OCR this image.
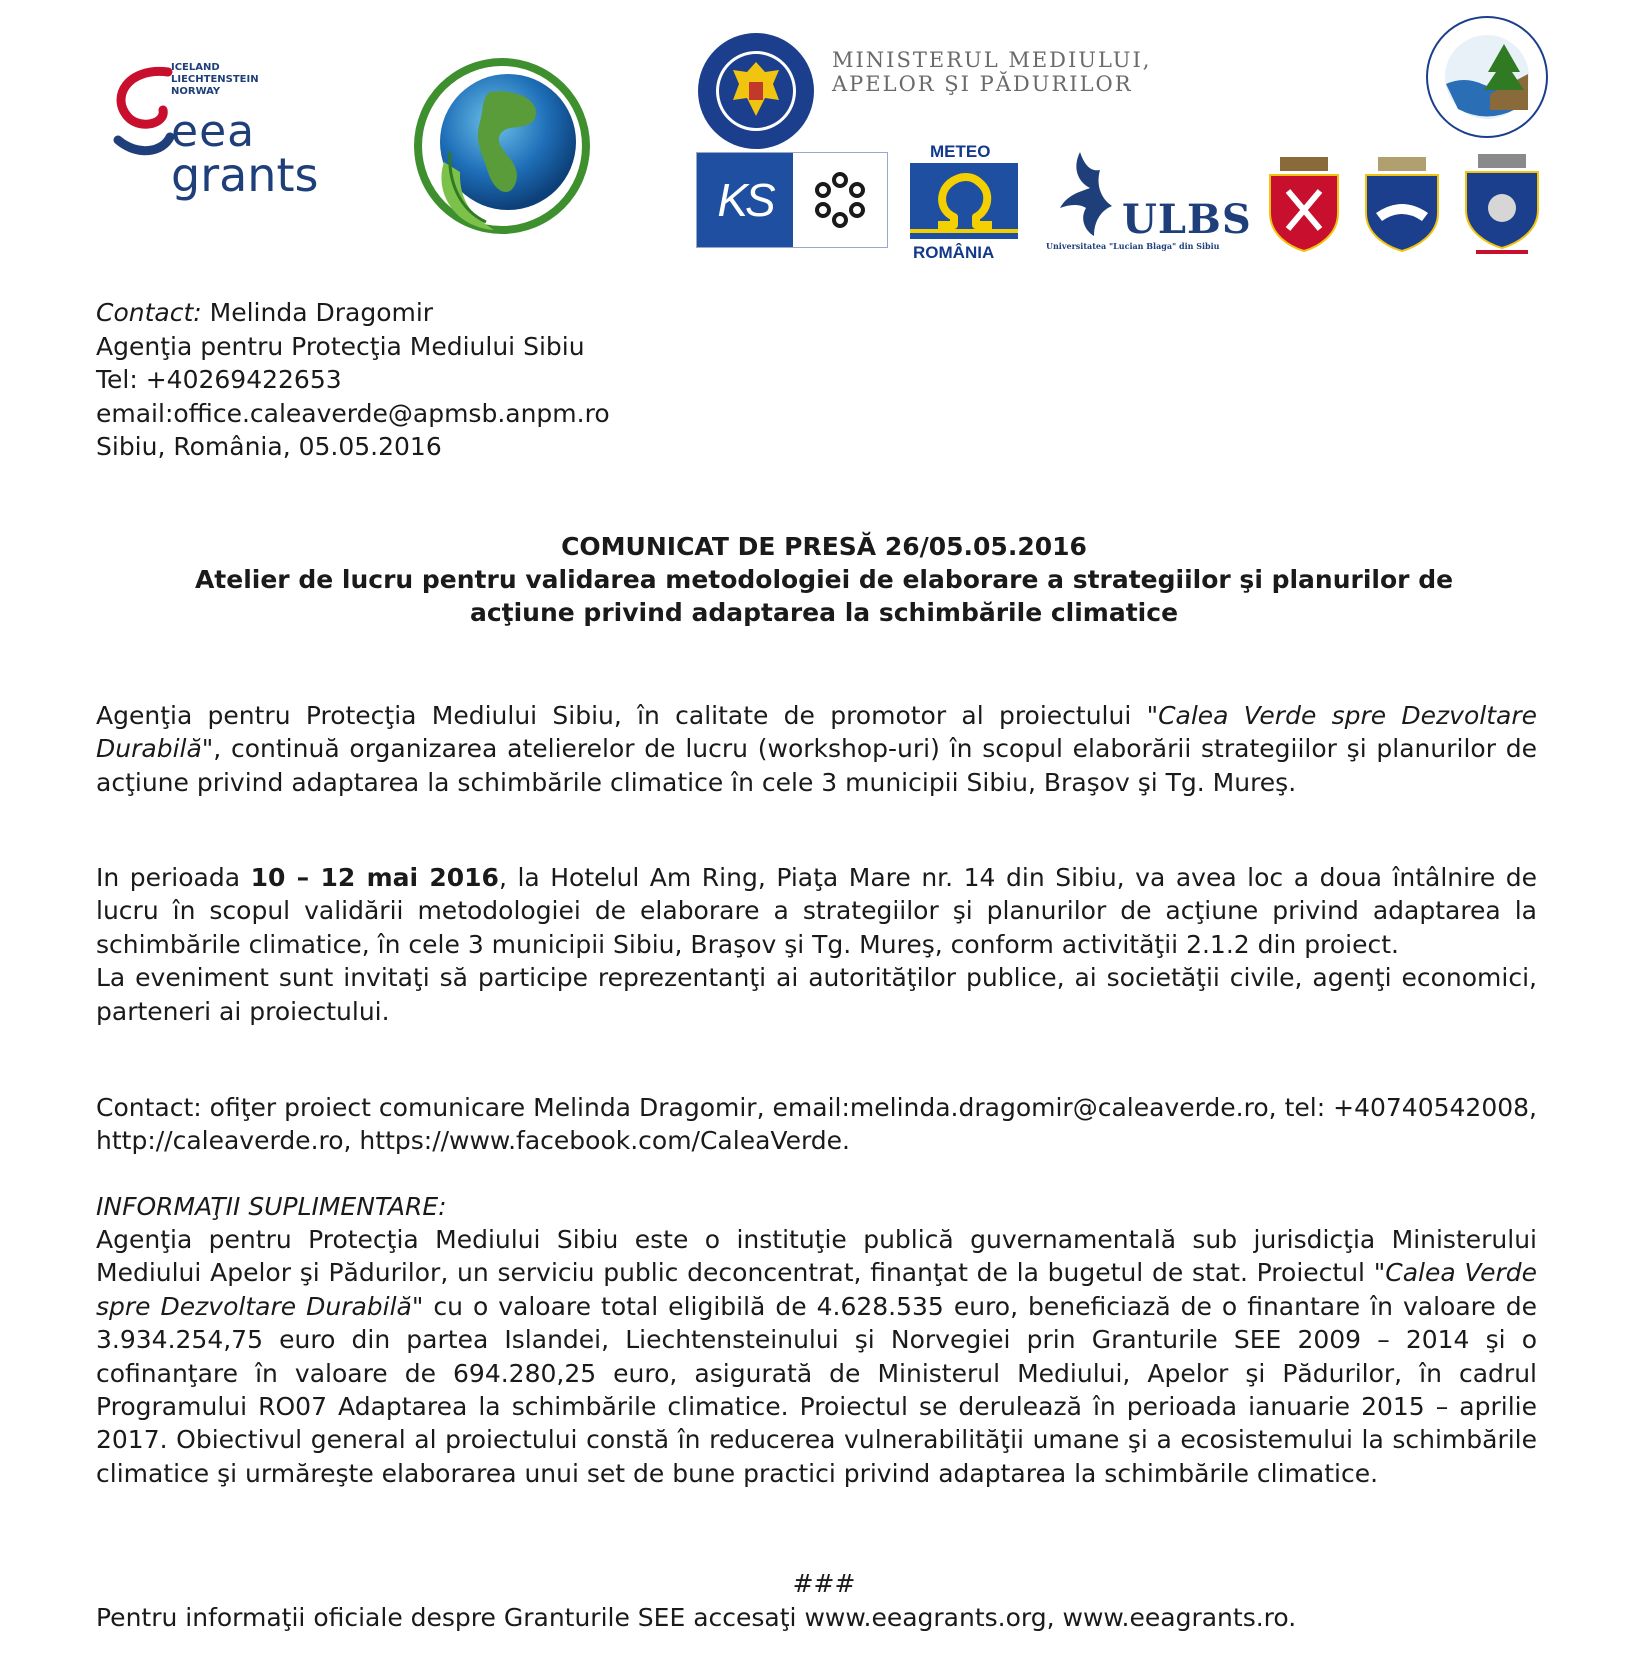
ICELAND
LIECHTENSTEIN
NORWAY
eea
grants
MINISTERUL MEDIULUI,
APELOR ŞI PĂDURILOR
KS
METEO
ROMÂNIA
ULBS
Universitatea "Lucian Blaga" din Sibiu
Contact: Melinda Dragomir
Agenţia pentru Protecţia Mediului Sibiu
Tel: +40269422653
email:office.caleaverde@apmsb.anpm.ro
Sibiu, România, 05.05.2016
COMUNICAT DE PRESĂ 26/05.05.2016
Atelier de lucru pentru validarea metodologiei de elaborare a strategiilor şi planurilor de
acţiune privind adaptarea la schimbările climatice

Agenţia pentru Protecţia Mediului Sibiu, în calitate de promotor al proiectului "Calea Verde spre Dezvoltare Durabilă", continuă organizarea atelierelor de lucru (workshop-uri) în scopul elaborării strategiilor şi planurilor de acţiune privind adaptarea la schimbările climatice în cele 3 municipii Sibiu, Braşov şi Tg. Mureş.

In perioada 10 – 12 mai 2016, la Hotelul Am Ring, Piaţa Mare nr. 14 din Sibiu, va avea loc a doua întâlnire de lucru în scopul validării metodologiei de elaborare a strategiilor şi planurilor de acţiune privind adaptarea la schimbările climatice, în cele 3 municipii Sibiu, Braşov şi Tg. Mureş, conform activităţii 2.1.2 din proiect.
La eveniment sunt invitaţi să participe reprezentanţi ai autorităţilor publice, ai societăţii civile, agenţi economici, parteneri ai proiectului.

Contact: ofiţer proiect comunicare Melinda Dragomir, email:melinda.dragomir@caleaverde.ro, tel: +40740542008, http://caleaverde.ro, https://www.facebook.com/CaleaVerde.

INFORMAŢII SUPLIMENTARE:

Agenţia pentru Protecţia Mediului Sibiu este o instituţie publică guvernamentală sub jurisdicţia Ministerului Mediului Apelor şi Pădurilor, un serviciu public deconcentrat, finanţat de la bugetul de stat. Proiectul "Calea Verde spre Dezvoltare Durabilă" cu o valoare total eligibilă de 4.628.535 euro, beneficiază de o finantare în valoare de 3.934.254,75 euro din partea Islandei, Liechtensteinului şi Norvegiei prin Granturile SEE 2009 – 2014 şi o cofinanţare în valoare de 694.280,25 euro, asigurată de Ministerul Mediului, Apelor şi Pădurilor, în cadrul Programului RO07 Adaptarea la schimbările climatice. Proiectul se derulează în perioada ianuarie 2015 – aprilie 2017. Obiectivul general al proiectului constă în reducerea vulnerabilităţii umane şi a ecosistemului la schimbările climatice şi urmăreşte elaborarea unui set de bune practici privind adaptarea la schimbările climatice.

###
Pentru informaţii oficiale despre Granturile SEE accesaţi www.eeagrants.org, www.eeagrants.ro.
